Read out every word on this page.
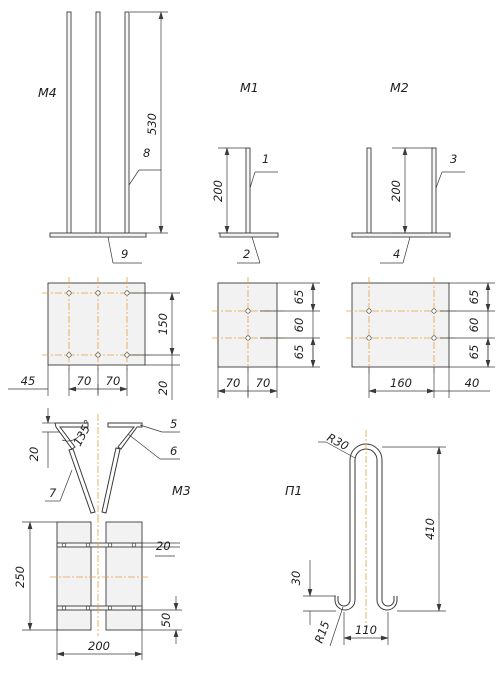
530
8
9
M4
200
1
2
M1
200
3
4
M2
150
20
45	70 70
65
60
65
70 70
65
60
65
160	40
135°
20
5
6
7	M3
250
200
20
50
R30
410
30
R15 110
П1
